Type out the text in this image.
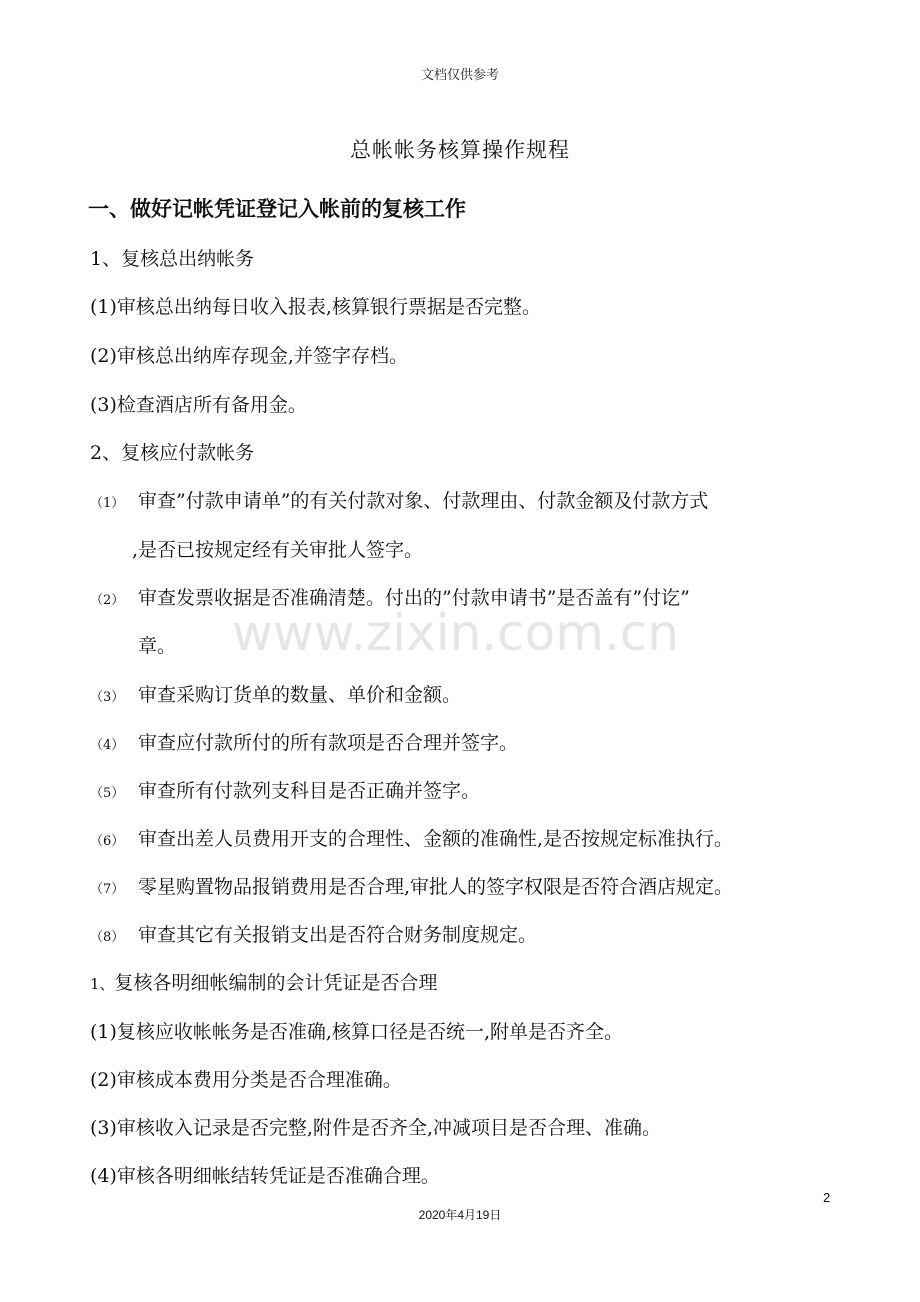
文档仅供参考
总帐帐务核算操作规程
一、做好记帐凭证登记入帐前的复核工作
1、复核总出纳帐务
(1)审核总出纳每日收入报表,核算银行票据是否完整。
(2)审核总出纳库存现金,并签字存档。
(3)检查酒店所有备用金。
2、复核应付款帐务
（1） 审查”付款申请单”的有关付款对象、付款理由、付款金额及付款方式
,是否已按规定经有关审批人签字。
（2） 审查发票收据是否准确清楚。付出的”付款申请书”是否盖有”付讫”
章。
（3） 审查采购订货单的数量、单价和金额。
（4） 审查应付款所付的所有款项是否合理并签字。
（5） 审查所有付款列支科目是否正确并签字。
（6） 审查出差人员费用开支的合理性、金额的准确性,是否按规定标准执行。
（7） 零星购置物品报销费用是否合理,审批人的签字权限是否符合酒店规定。
（8） 审查其它有关报销支出是否符合财务制度规定。
1、复核各明细帐编制的会计凭证是否合理
(1)复核应收帐帐务是否准确,核算口径是否统一,附单是否齐全。
(2)审核成本费用分类是否合理准确。
(3)审核收入记录是否完整,附件是否齐全,冲减项目是否合理、准确。
(4)审核各明细帐结转凭证是否准确合理。
www.zixin.com.cn
2
2020年4月19日
